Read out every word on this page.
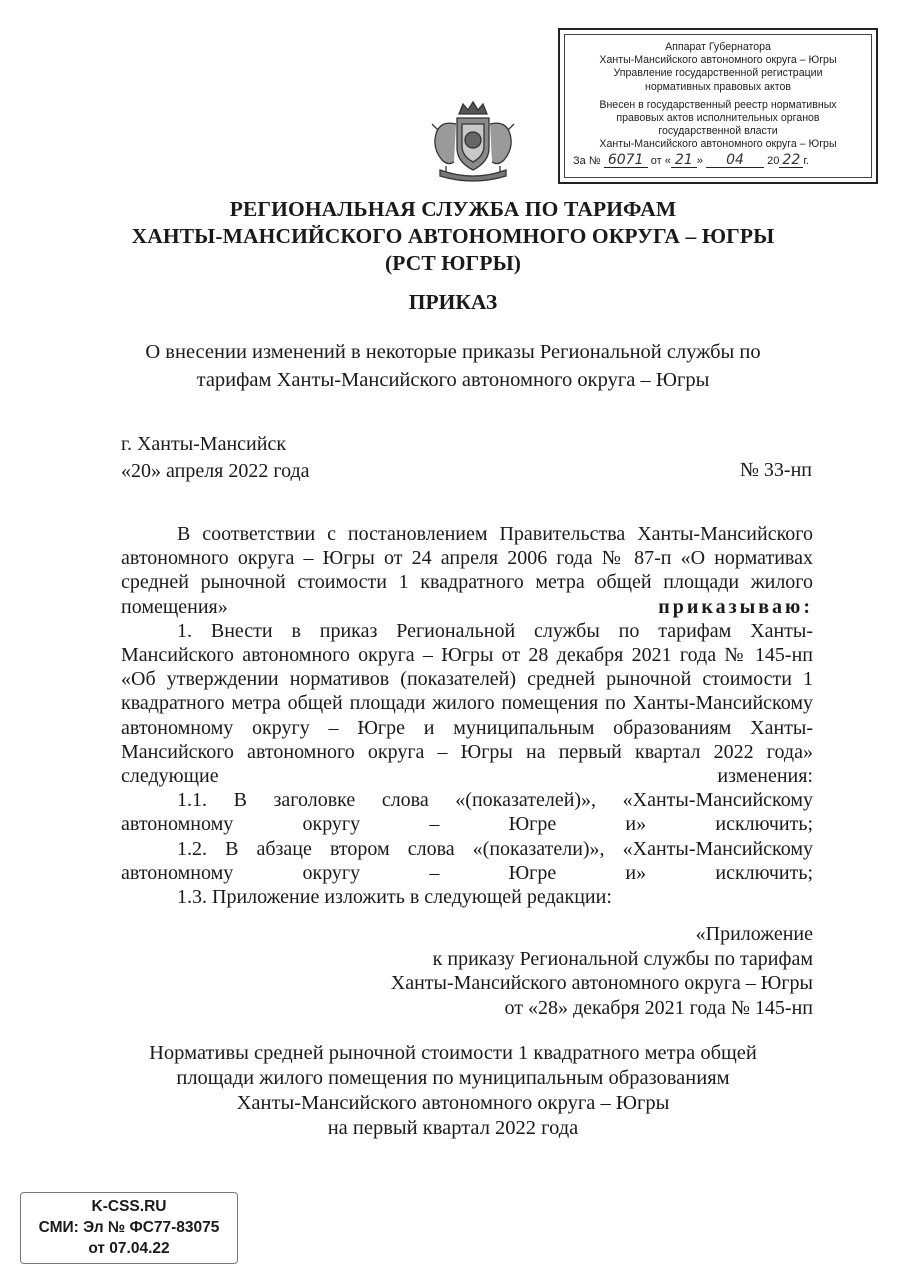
Аппарат Губернатора
Ханты-Мансийского автономного округа – Югры
Управление государственной регистрации
нормативных правовых актов
Внесен в государственный реестр нормативных
правовых актов исполнительных органов
государственной власти
Ханты-Мансийского автономного округа – Югры
За № 6071 от « 21 » 04 20 22 г.
РЕГИОНАЛЬНАЯ СЛУЖБА ПО ТАРИФАМ
ХАНТЫ-МАНСИЙСКОГО АВТОНОМНОГО ОКРУГА – ЮГРЫ
(РСТ ЮГРЫ)
ПРИКАЗ
О внесении изменений в некоторые приказы Региональной службы по
тарифам Ханты-Мансийского автономного округа – Югры
г. Ханты-Мансийск
«20» апреля 2022 года	№ 33-нп

В соответствии с постановлением Правительства Ханты-Мансийского автономного округа – Югры от 24 апреля 2006 года № 87-п «О нормативах средней рыночной стоимости 1 квадратного метра общей площади жилого помещения»	приказываю:

1. Внести в приказ Региональной службы по тарифам Ханты-Мансийского автономного округа – Югры от 28 декабря 2021 года № 145-нп «Об утверждении нормативов (показателей) средней рыночной стоимости 1 квадратного метра общей площади жилого помещения по Ханты-Мансийскому автономному округу – Югре и муниципальным образованиям Ханты-Мансийского автономного округа – Югры на первый квартал 2022 года» следующие изменения:

1.1. В заголовке слова «(показателей)», «Ханты-Мансийскому автономному округу – Югре и» исключить;

1.2. В абзаце втором слова «(показатели)», «Ханты-Мансийскому автономному округу – Югре и» исключить;

1.3. Приложение изложить в следующей редакции:

«Приложение
к приказу Региональной службы по тарифам
Ханты-Мансийского автономного округа – Югры
от «28» декабря 2021 года № 145-нп
Нормативы средней рыночной стоимости 1 квадратного метра общей
площади жилого помещения по муниципальным образованиям
Ханты-Мансийского автономного округа – Югры
на первый квартал 2022 года
K-CSS.RU
СМИ: Эл № ФС77-83075
от 07.04.22
